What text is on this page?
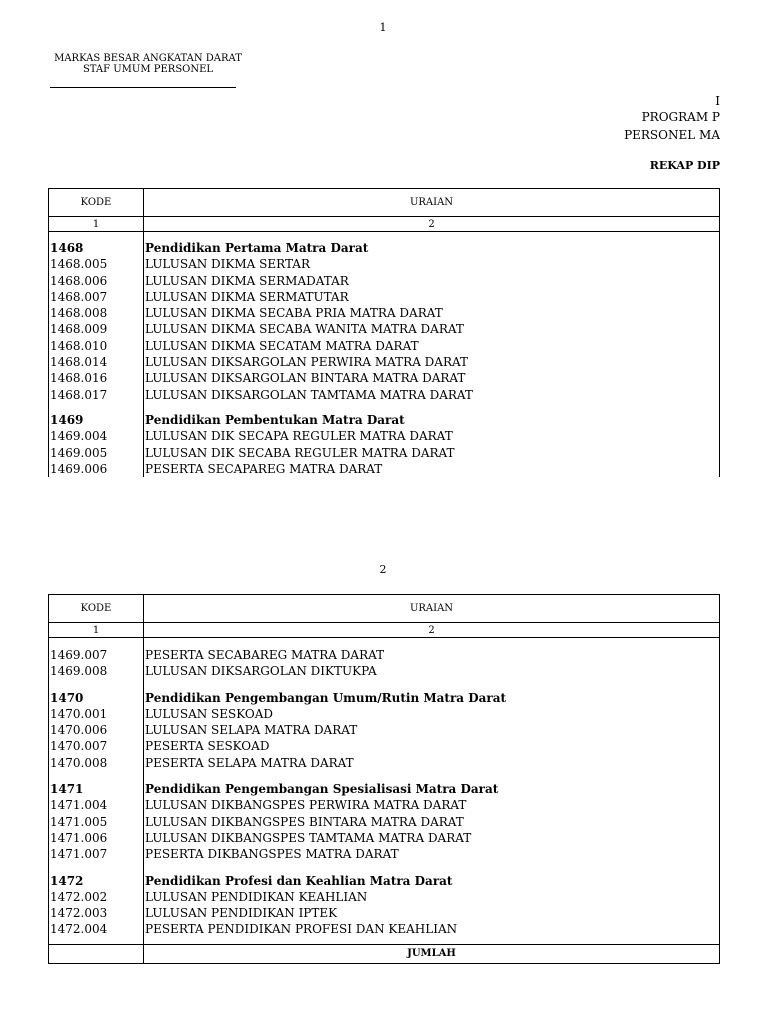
1
MARKAS BESAR ANGKATAN DARAT
STAF UMUM PERSONEL
I
PROGRAM P
PERSONEL MA
REKAP DIP
KODE	URAIAN
1	2

1468	Pendidikan Pertama Matra Darat
1468.005	LULUSAN DIKMA SERTAR
1468.006	LULUSAN DIKMA SERMADATAR
1468.007	LULUSAN DIKMA SERMATUTAR
1468.008	LULUSAN DIKMA SECABA PRIA MATRA DARAT
1468.009	LULUSAN DIKMA SECABA WANITA MATRA DARAT
1468.010	LULUSAN DIKMA SECATAM MATRA DARAT
1468.014	LULUSAN DIKSARGOLAN PERWIRA MATRA DARAT
1468.016	LULUSAN DIKSARGOLAN BINTARA MATRA DARAT
1468.017	LULUSAN DIKSARGOLAN TAMTAMA MATRA DARAT

1469	Pendidikan Pembentukan Matra Darat
1469.004	LULUSAN DIK SECAPA REGULER MATRA DARAT
1469.005	LULUSAN DIK SECABA REGULER MATRA DARAT
1469.006	PESERTA SECAPAREG MATRA DARAT
2
KODE	URAIAN
1	2

1469.007	PESERTA SECABAREG MATRA DARAT
1469.008	LULUSAN DIKSARGOLAN DIKTUKPA

1470	Pendidikan Pengembangan Umum/Rutin Matra Darat
1470.001	LULUSAN SESKOAD
1470.006	LULUSAN SELAPA MATRA DARAT
1470.007	PESERTA SESKOAD
1470.008	PESERTA SELAPA MATRA DARAT

1471	Pendidikan Pengembangan Spesialisasi Matra Darat
1471.004	LULUSAN DIKBANGSPES PERWIRA MATRA DARAT
1471.005	LULUSAN DIKBANGSPES BINTARA MATRA DARAT
1471.006	LULUSAN DIKBANGSPES TAMTAMA MATRA DARAT
1471.007	PESERTA DIKBANGSPES MATRA DARAT

1472	Pendidikan Profesi dan Keahlian Matra Darat
1472.002	LULUSAN PENDIDIKAN KEAHLIAN
1472.003	LULUSAN PENDIDIKAN IPTEK
1472.004	PESERTA PENDIDIKAN PROFESI DAN KEAHLIAN

	JUMLAH
